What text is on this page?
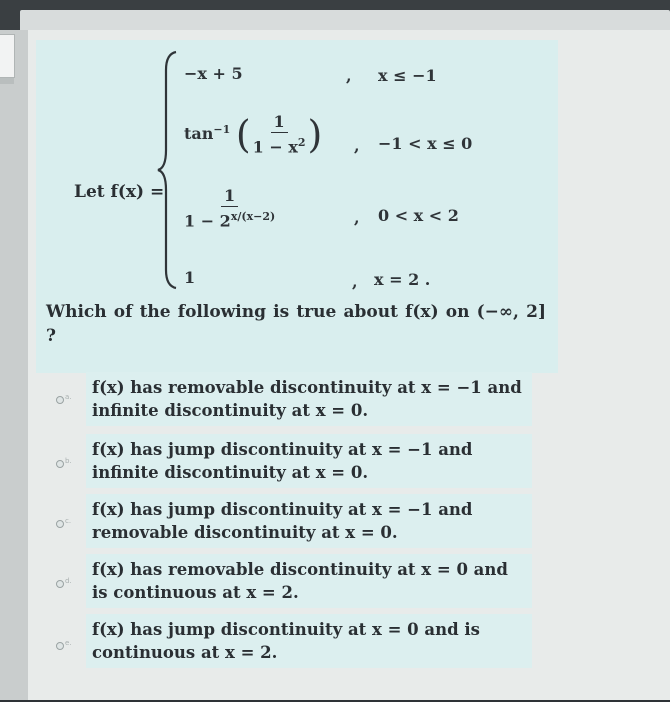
Let f(x) =
−x + 5	, x ≤ −1
$\tan^{-1}$ ( $\frac{1}{1 - x^2}$ ) , −1 < x ≤ 0
$\frac{1}{1 - 2^{x/(x-2)}}$	, 0 < x < 2
1	, x = 2 .
Which of the following is true about f(x) on (−∞, 2] ?
a.	f(x) has removable discontinuity at x = −1 and infinite discontinuity at x = 0.
b.
f(x) has jump discontinuity at x = −1 and infinite discontinuity at x = 0.
c.
f(x) has jump discontinuity at x = −1 and removable discontinuity at x = 0.
d.
f(x) has removable discontinuity at x = 0 and is continuous at x = 2.
e.
f(x) has jump discontinuity at x = 0 and is continuous at x = 2.
